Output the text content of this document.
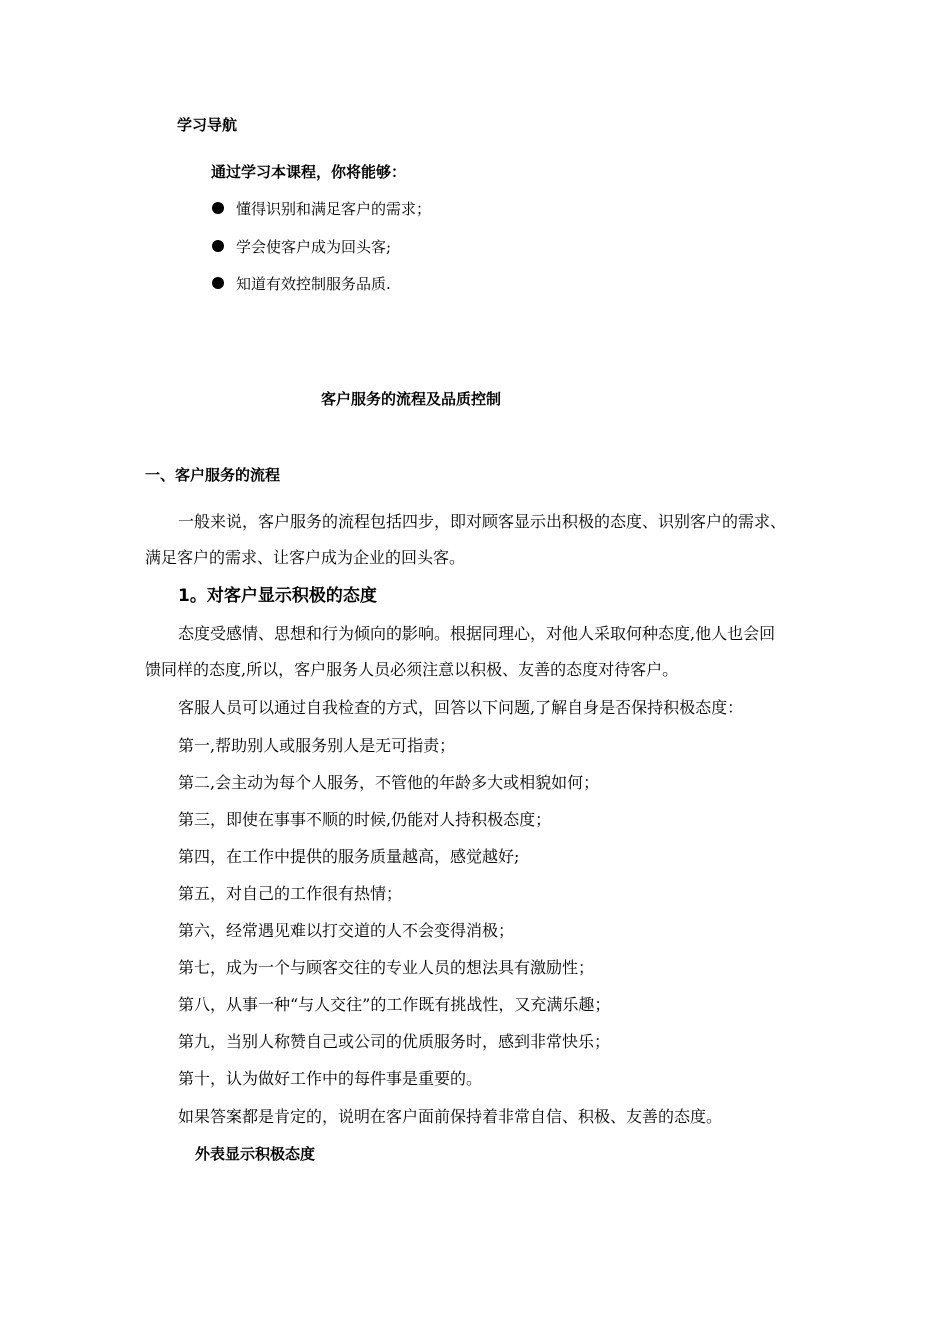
学习导航
通过学习本课程，你将能够：
懂得识别和满足客户的需求；
学会使客户成为回头客;
知道有效控制服务品质.
客户服务的流程及品质控制
一、客户服务的流程
一般来说，客户服务的流程包括四步，即对顾客显示出积极的态度、识别客户的需求、
满足客户的需求、让客户成为企业的回头客。
1。对客户显示积极的态度
态度受感情、思想和行为倾向的影响。根据同理心，对他人采取何种态度,他人也会回
馈同样的态度,所以，客户服务人员必须注意以积极、友善的态度对待客户。
客服人员可以通过自我检查的方式，回答以下问题,了解自身是否保持积极态度：
第一,帮助别人或服务别人是无可指责；
第二,会主动为每个人服务，不管他的年龄多大或相貌如何；
第三，即使在事事不顺的时候,仍能对人持积极态度；
第四，在工作中提供的服务质量越高，感觉越好;
第五，对自己的工作很有热情；
第六，经常遇见难以打交道的人不会变得消极；
第七，成为一个与顾客交往的专业人员的想法具有激励性；
第八，从事一种“与人交往”的工作既有挑战性，又充满乐趣；
第九，当别人称赞自己或公司的优质服务时，感到非常快乐；
第十，认为做好工作中的每件事是重要的。
如果答案都是肯定的，说明在客户面前保持着非常自信、积极、友善的态度。
外表显示积极态度
